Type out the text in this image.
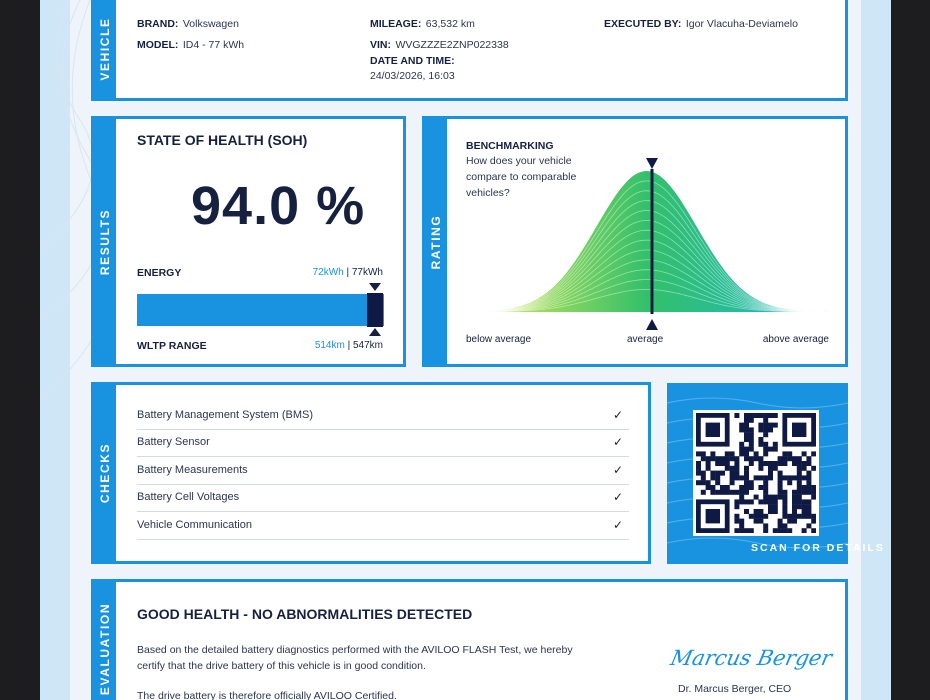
VEHICLE BRAND: Volkswagen
MODEL: ID4 - 77 kWh
MILEAGE: 63,532 km
VIN: WVGZZZE2ZNP022338
DATE AND TIME:
24/03/2026, 16:03
EXECUTED BY: Igor Vlacuha-Deviamelo
RESULTS
STATE OF HEALTH (SOH)
94.0 %
ENERGY	72kWh | 77kWh
WLTP RANGE	514km | 547km
RATING
BENCHMARKING
How does your vehicle
compare to comparable
vehicles?
below average	average	above average
CHECKS
Battery Management System (BMS)	✓
Battery Sensor	✓
Battery Measurements	✓
Battery Cell Voltages	✓
Vehicle Communication	✓
SCAN FOR DETAILS
EVALUATION GOOD HEALTH - NO ABNORMALITIES DETECTED
Based on the detailed battery diagnostics performed with the AVILOO FLASH Test, we hereby
certify that the drive battery of this vehicle is in good condition.
The drive battery is therefore officially AVILOO Certified.
Marcus Berger
Dr. Marcus Berger, CEO
